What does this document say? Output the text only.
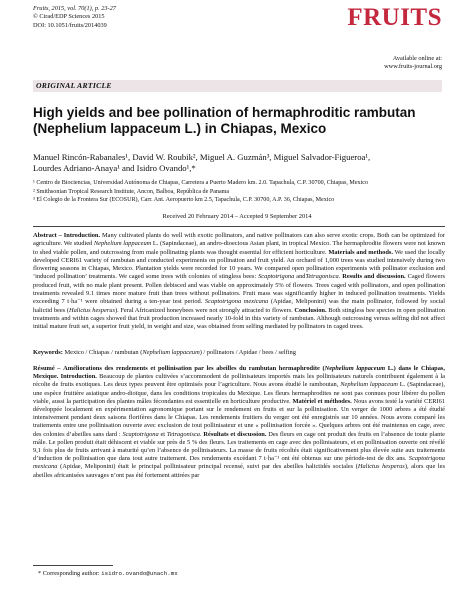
Fruits, 2015, vol. 70(1), p. 23-27
© Cirad/EDP Sciences 2015
DOI: 10.1051/fruits/2014039	FRUITS
Available online at:
www.fruits-journal.org
ORIGINAL ARTICLE
High yields and bee pollination of hermaphroditic rambutan (Nephelium lappaceum L.) in Chiapas, Mexico
Manuel Rincón-Rabanales¹, David W. Roubik², Miguel A. Guzmán³, Miguel Salvador-Figueroa¹,
Lourdes Adriano-Anaya¹ and Isidro Ovando¹,*
¹ Centro de Biociencias, Universidad Autónoma de Chiapas, Carretera a Puerto Madero km. 2.0. Tapachula, C.P. 30700, Chiapas, Mexico
² Smithsonian Tropical Research Institute, Ancon, Balboa, República de Panama
³ El Colegio de la Frontera Sur (ECOSUR), Carr. Ant. Aeropuerto km 2.5, Tapachula, C.P. 30700, A.P. 36, Chiapas, Mexico
Received 20 February 2014 – Accepted 9 September 2014
Abstract – Introduction. Many cultivated plants do well with exotic pollinators, and native pollinators can also serve exotic crops. Both can be optimized for agriculture. We studied Nephelium lappaceum L. (Sapindaceae), an andro-dioecious Asian plant, in tropical Mexico. The hermaphrodite flowers were not known to shed viable pollen, and outcrossing from male pollinating plants was thought essential for efficient horticulture. Materials and methods. We used the locally developed CERI61 variety of rambutan and conducted experiments on pollination and fruit yield. An orchard of 1,000 trees was studied intensively during two flowering seasons in Chiapas, Mexico. Plantation yields were recorded for 10 years. We compared open pollination experiments with pollinator exclusion and ‘induced pollination’ treatments. We caged some trees with colonies of stingless bees: Scaptotrigona andTetragonisca. Results and discussion. Caged flowers produced fruit, with no male plant present. Pollen debisced and was viable on approximately 5% of flowers. Trees caged with pollinators, and open pollination treatments revealed 9.1 times more mature fruit than trees without pollinators. Fruit mass was significantly higher in induced pollination treatments. Yields exceeding 7 t·ha⁻¹ were obtained during a ten-year test period. Scaptotrigona mexicana (Apidae, Meliponini) was the main pollinator, followed by social halictid bees (Halictus hesperus). Feral Africanized honeybees were not strongly attracted to flowers. Conclusion. Both stingless bee species in open pollination treatments and within cages showed that fruit production increased nearly 10-fold in this variety of rambutan. Although outcrossing versus selfing did not affect initial mature fruit set, a superior fruit yield, in weight and size, was obtained from selfing mediated by pollinators in caged trees.
Keywords: Mexico / Chiapas / rambutan (Nephelium lappaceum) / pollinators / Apidae / bees / selfing
Résumé – Améliorations des rendements et pollinisation par les abeilles du rambutan hermaphrodite (Nephelium lappaceum L.) dans le Chiapas, Mexique. Introduction. Beaucoup de plantes cultivées s’accommodent de pollinisateurs importés mais les pollinisateurs naturels contribuent également à la récolte de fruits exotiques. Les deux types peuvent être optimisés pour l’agriculture. Nous avons étudié le ramboutan, Nephelium lappaceum L. (Sapindaceae), une espèce fruitière asiatique andro-dioïque, dans les conditions tropicales du Mexique. Les fleurs hermaphrodites ne sont pas connues pour libérer du pollen viable, aussi la participation des plantes mâles fécondantes est essentielle en horticulture productive. Matériel et méthodes. Nous avons testé la variété CERI61 développée localement en expérimentation agronomique portant sur le rendement en fruits et sur la pollinisation. Un verger de 1000 arbres a été étudié intensivement pendant deux saisons florifères dans le Chiapas. Les rendements fruitiers du verger ont été enregistrés sur 10 années. Nous avons comparé les traitements entre une pollinisation ouverte avec exclusion de tout pollinisateur et une « pollinisation forcée ». Quelques arbres ont été maintenus en cage, avec des colonies d’abeilles sans dard : Scaptotrigona et Tetragonisca. Résultats et discussion. Des fleurs en cage ont produit des fruits en l’absence de toute plante mâle. Le pollen produit était déhiscent et viable sur près de 5 % des fleurs. Les traitements en cage avec des pollinisateurs, et en pollinisation ouverte ont révélé 9,1 fois plus de fruits arrivant à maturité qu’en l’absence de pollinisateurs. La masse de fruits récoltés était significativement plus élevée suite aux traitements d’induction de pollinisation que dans tout autre traitement. Des rendements excédant 7 t·ha⁻¹ ont été obtenus sur une période-test de dix ans. Scaptotrigona mexicana (Apidae, Meliponini) était le principal pollinisateur principal recensé, suivi par des abeilles halictidés sociales (Halictus hesperus), alors que les abeilles africanisées sauvages n’ont pas été fortement attirées par
* Corresponding author: isidro.ovando@unach.mx
